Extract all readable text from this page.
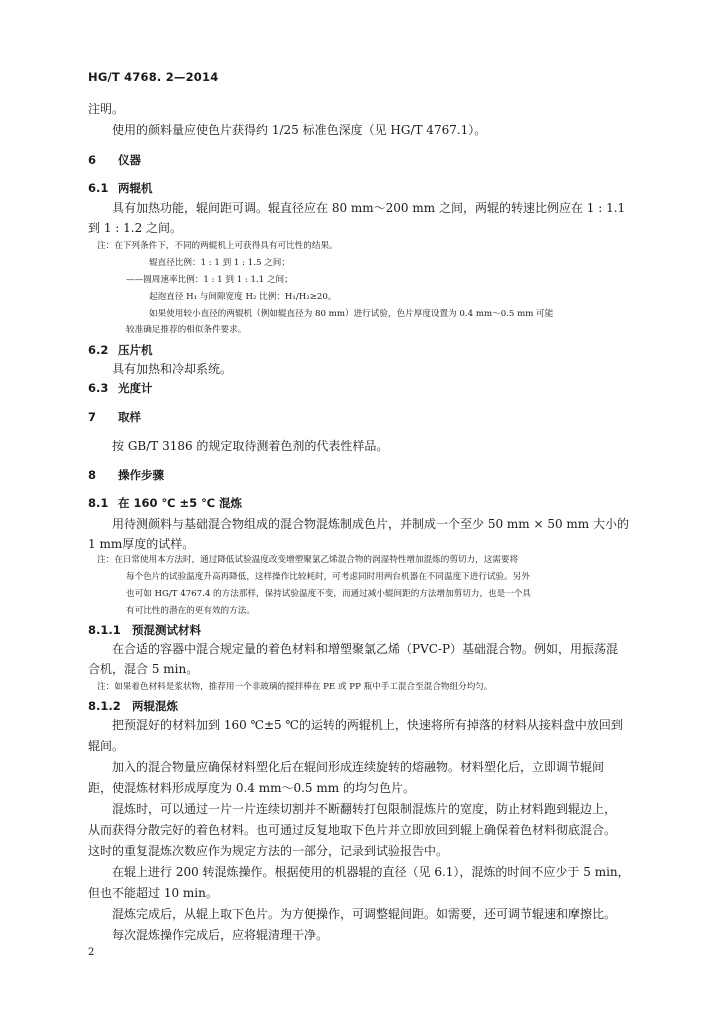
HG/T 4768. 2—2014
注明。
使用的颜料量应使色片获得约 1/25 标准色深度（见 HG/T 4767.1）。
6 仪器
6.1 两辊机
具有加热功能，辊间距可调。辊直径应在 80 mm～200 mm 之间，两辊的转速比例应在 1 : 1.1
到 1 : 1.2 之间。
注：在下列条件下，不同的两辊机上可获得具有可比性的结果。
辊直径比例：1 : 1 到 1 : 1.5 之间；
——圆周速率比例：1 : 1 到 1 : 1.1 之间；
起泡直径 H₁ 与间隙宽度 H₂ 比例：H₁/H₂≥20。
如果使用较小直径的两辊机（例如辊直径为 80 mm）进行试验，色片厚度设置为 0.4 mm～0.5 mm 可能
较准确足推荐的相似条件要求。
6.2 压片机
具有加热和冷却系统。
6.3 光度计
7 取样
按 GB/T 3186 的规定取待测着色剂的代表性样品。
8 操作步骤
8.1 在 160 ℃ ±5 ℃ 混炼
用待测颜料与基础混合物组成的混合物混炼制成色片，并制成一个至少 50 mm × 50 mm 大小的
1 mm厚度的试样。
注：在日常使用本方法时，通过降低试验温度改变增塑聚氯乙烯混合物的润湿特性增加混炼的剪切力，这需要将
每个色片的试验温度升高再降低，这样操作比较耗时，可考虑同时用两台机器在不同温度下进行试验。另外
也可如 HG/T 4767.4 的方法那样，保持试验温度不变，而通过减小辊间距的方法增加剪切力，也是一个具
有可比性的潜在的更有效的方法。
8.1.1 预混测试材料
在合适的容器中混合规定量的着色材料和增塑聚氯乙烯（PVC-P）基础混合物。例如，用振荡混
合机，混合 5 min。
注：如果着色材料是浆状物，推荐用一个非玻璃的搅拌棒在 PE 或 PP 瓶中手工混合至混合物组分均匀。
8.1.2 两辊混炼
把预混好的材料加到 160 ℃±5 ℃的运转的两辊机上，快速将所有掉落的材料从接料盘中放回到
辊间。
加入的混合物量应确保材料塑化后在辊间形成连续旋转的熔融物。材料塑化后，立即调节辊间
距，使混炼材料形成厚度为 0.4 mm～0.5 mm 的均匀色片。
混炼时，可以通过一片一片连续切割并不断翻转打包限制混炼片的宽度，防止材料跑到辊边上，
从而获得分散完好的着色材料。也可通过反复地取下色片并立即放回到辊上确保着色材料彻底混合。
这时的重复混炼次数应作为规定方法的一部分，记录到试验报告中。
在辊上进行 200 转混炼操作。根据使用的机器辊的直径（见 6.1），混炼的时间不应少于 5 min，
但也不能超过 10 min。
混炼完成后，从辊上取下色片。为方便操作，可调整辊间距。如需要，还可调节辊速和摩擦比。
每次混炼操作完成后，应将辊清理干净。
2
